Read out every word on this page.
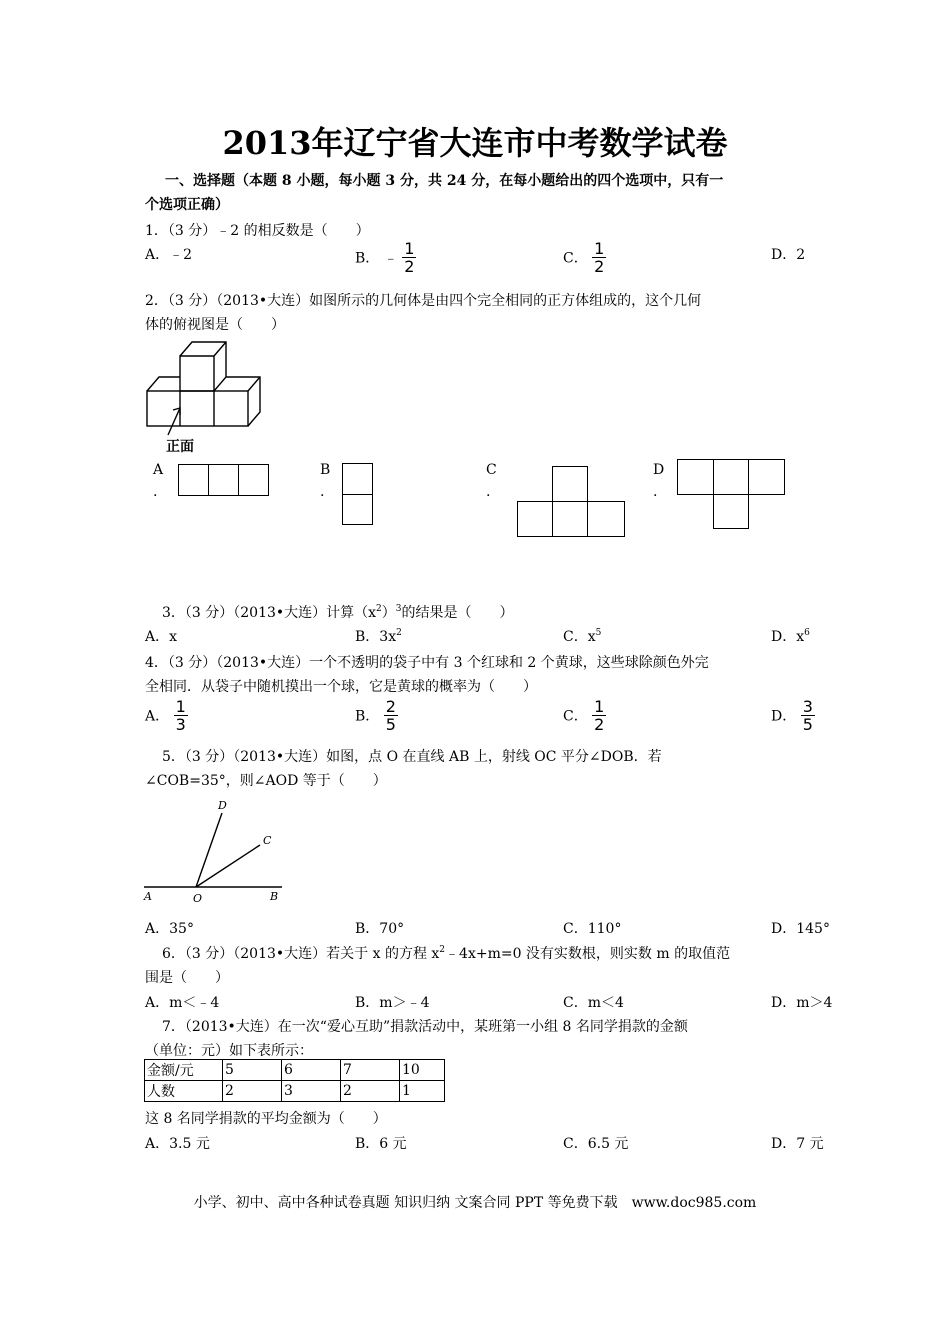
2013年辽宁省大连市中考数学试卷
一、选择题（本题 8 小题，每小题 3 分，共 24 分，在每小题给出的四个选项中，只有一
个选项正确）
1．（3 分）﹣2 的相反数是（　　）
A．﹣2	B． ﹣ $\frac{1}{2}$	C． $\frac{1}{2}$	D．2
2．（3 分）（2013•大连）如图所示的几何体是由四个完全相同的正方体组成的，这个几何
体的俯视图是（　　）
正面
A
.
B
.
C
.
D
.
3．（3 分）（2013•大连）计算$(x^2)^3$的结果是（　　）
A．x	B．$3x^2$	C．$x^5$	D．$x^6$
4．（3 分）（2013•大连）一个不透明的袋子中有 3 个红球和 2 个黄球，这些球除颜色外完
全相同．从袋子中随机摸出一个球，它是黄球的概率为（　　）
A． $\frac{1}{3}$	B． $\frac{2}{5}$	C． $\frac{1}{2}$	D． $\frac{3}{5}$
5．（3 分）（2013•大连）如图，点 O 在直线 AB 上，射线 OC 平分∠DOB．若
∠COB=35°，则∠AOD 等于（　　）
D
C
A	O	B
A．35°	B．70°	C．110°	D．145°
6．（3 分）（2013•大连）若关于 x 的方程 $x^2﹣4x+m=0$ 没有实数根，则实数 m 的取值范
围是（　　）
A．m＜﹣4	B．m＞﹣4	C．m＜4	D．m＞4
7．（2013•大连）在一次“爱心互助”捐款活动中，某班第一小组 8 名同学捐款的金额
（单位：元）如下表所示：
金额/元	5	6	7	10
人数	2	3	2	1
这 8 名同学捐款的平均金额为（　　）
A．3.5 元	B．6 元	C．6.5 元	D．7 元
小学、初中、高中各种试卷真题 知识归纳 文案合同 PPT 等免费下载　www.doc985.com
